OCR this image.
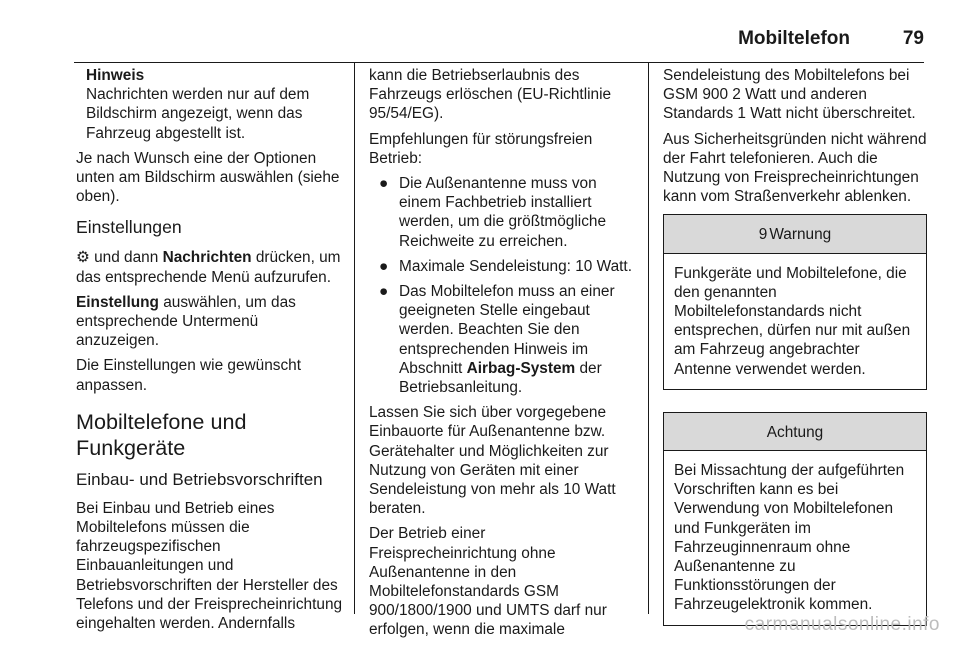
Mobiltelefon	79
Hinweis
Nachrichten werden nur auf dem Bildschirm angezeigt, wenn das Fahrzeug abgestellt ist.

Je nach Wunsch eine der Optionen unten am Bildschirm auswählen (siehe oben).

Einstellungen

⚙ und dann Nachrichten drücken, um das entsprechende Menü aufzurufen.

Einstellung auswählen, um das entsprechende Untermenü anzuzeigen.

Die Einstellungen wie gewünscht anpassen.

Mobiltelefone und Funkgeräte
Einbau- und Betriebsvorschriften

Bei Einbau und Betrieb eines Mobiltelefons müssen die fahrzeugspezifischen Einbauanleitungen und Betriebsvorschriften der Hersteller des Telefons und der Freisprecheinrichtung eingehalten werden. Andernfalls

kann die Betriebserlaubnis des Fahrzeugs erlöschen (EU-Richtlinie 95/54/EG).

Empfehlungen für störungsfreien Betrieb:

● Die Außenantenne muss von einem Fachbetrieb installiert werden, um die größtmögliche Reichweite zu erreichen.
● Maximale Sendeleistung: 10 Watt.
● Das Mobiltelefon muss an einer geeigneten Stelle eingebaut werden. Beachten Sie den entsprechenden Hinweis im Abschnitt Airbag-System der Betriebsanleitung.

Lassen Sie sich über vorgegebene Einbauorte für Außenantenne bzw. Gerätehalter und Möglichkeiten zur Nutzung von Geräten mit einer Sendeleistung von mehr als 10 Watt beraten.

Der Betrieb einer Freisprecheinrichtung ohne Außenantenne in den Mobiltelefonstandards GSM 900/1800/1900 und UMTS darf nur erfolgen, wenn die maximale

Sendeleistung des Mobiltelefons bei GSM 900 2 Watt und anderen Standards 1 Watt nicht überschreitet.

Aus Sicherheitsgründen nicht während der Fahrt telefonieren. Auch die Nutzung von Freisprecheinrichtungen kann vom Straßenverkehr ablenken.

9 Warnung
Funkgeräte und Mobiltelefone, die den genannten Mobiltelefonstandards nicht entsprechen, dürfen nur mit außen am Fahrzeug angebrachter Antenne verwendet werden.
Achtung
Bei Missachtung der aufgeführten Vorschriften kann es bei Verwendung von Mobiltelefonen und Funkgeräten im Fahrzeuginnenraum ohne Außenantenne zu Funktionsstörungen der Fahrzeugelektronik kommen.
carmanualsonline.info
